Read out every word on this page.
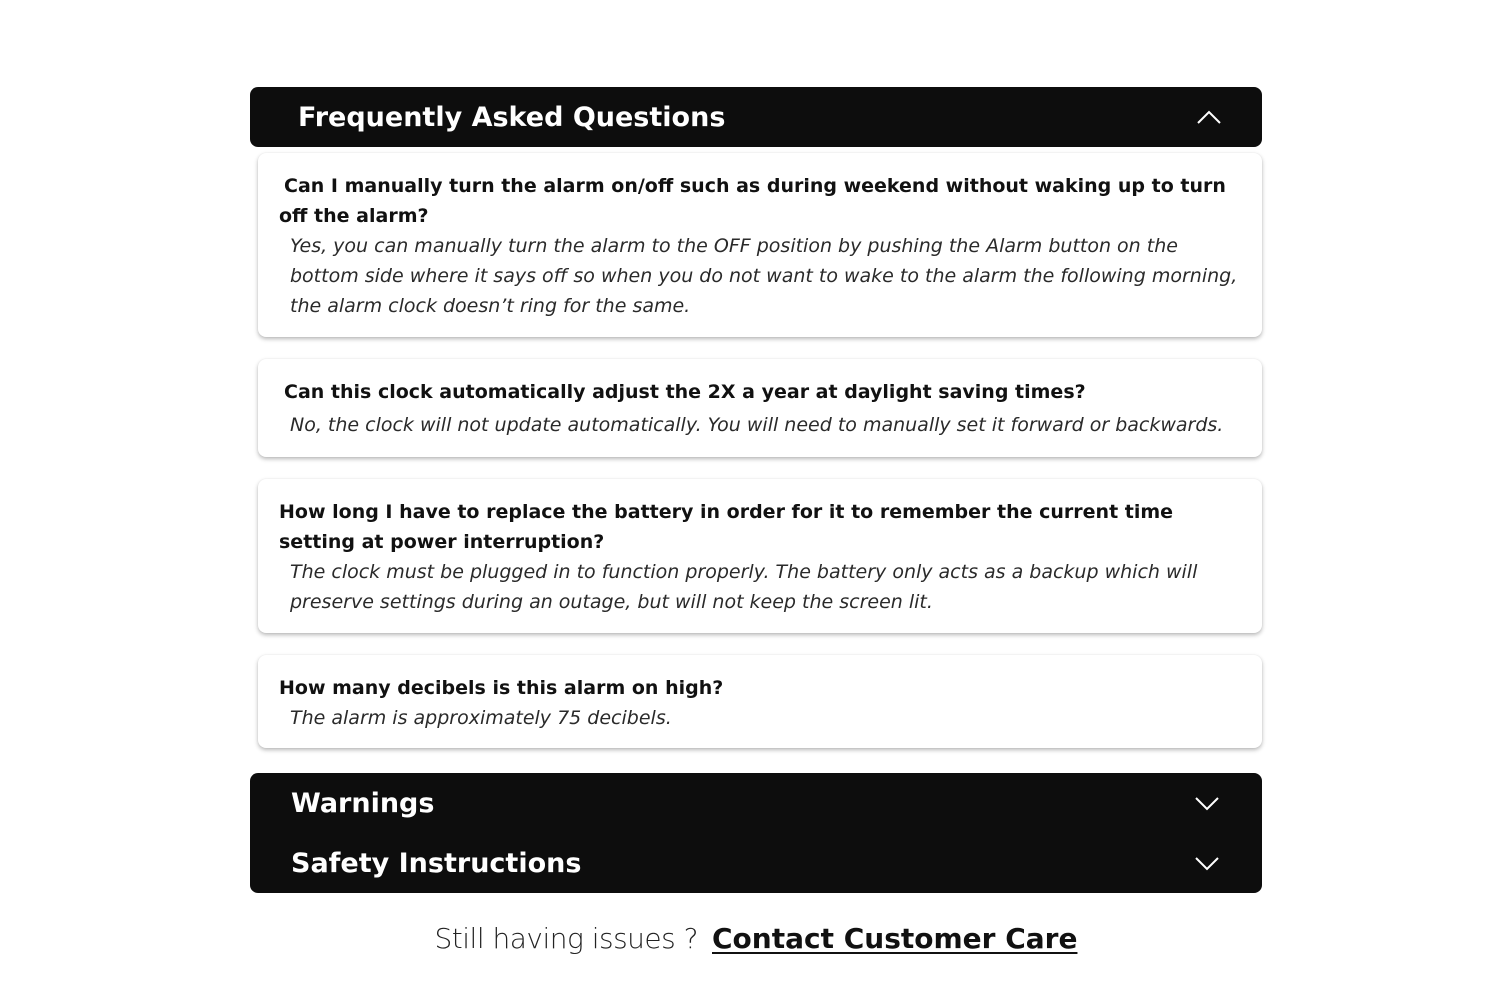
Frequently Asked Questions
Can I manually turn the alarm on/off such as during weekend without waking up to turn off the alarm?
Yes, you can manually turn the alarm to the OFF position by pushing the Alarm button on the bottom side where it says off so when you do not want to wake to the alarm the following morning, the alarm clock doesn’t ring for the same.
Can this clock automatically adjust the 2X a year at daylight saving times?
No, the clock will not update automatically. You will need to manually set it forward or backwards.
How long I have to replace the battery in order for it to remember the current time setting at power interruption?
The clock must be plugged in to function properly. The battery only acts as a backup which will preserve settings during an outage, but will not keep the screen lit.
How many decibels is this alarm on high?
The alarm is approximately 75 decibels.
Warnings
Safety Instructions
Still having issues ? Contact Customer Care
